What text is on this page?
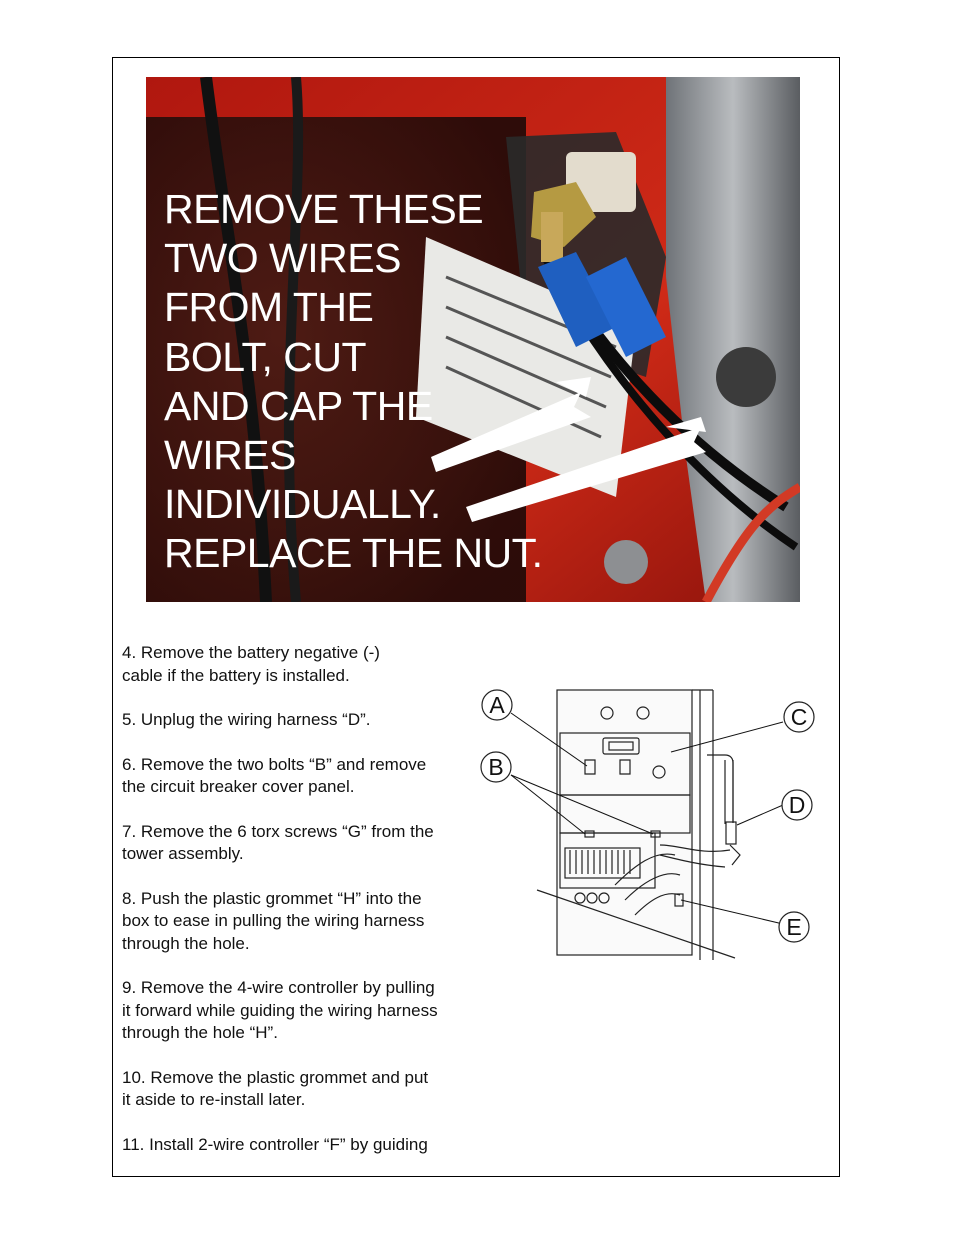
REMOVE THESE
TWO WIRES
FROM THE
BOLT, CUT
AND CAP THE
WIRES
INDIVIDUALLY.
REPLACE THE NUT.

4. Remove the battery negative (-)
cable if the battery is installed.

5. Unplug the wiring harness “D”.

6. Remove the two bolts “B” and remove
the circuit breaker cover panel.

7. Remove the 6 torx screws “G” from the
tower assembly.

8. Push the plastic grommet “H” into the
box to ease in pulling the wiring harness
through the hole.

9. Remove the 4-wire controller by pulling
it forward while guiding the wiring harness
through the hole “H”.

10. Remove the plastic grommet and put
it aside to re-install later.

11. Install 2-wire controller “F” by guiding

A
B
C
D
E
